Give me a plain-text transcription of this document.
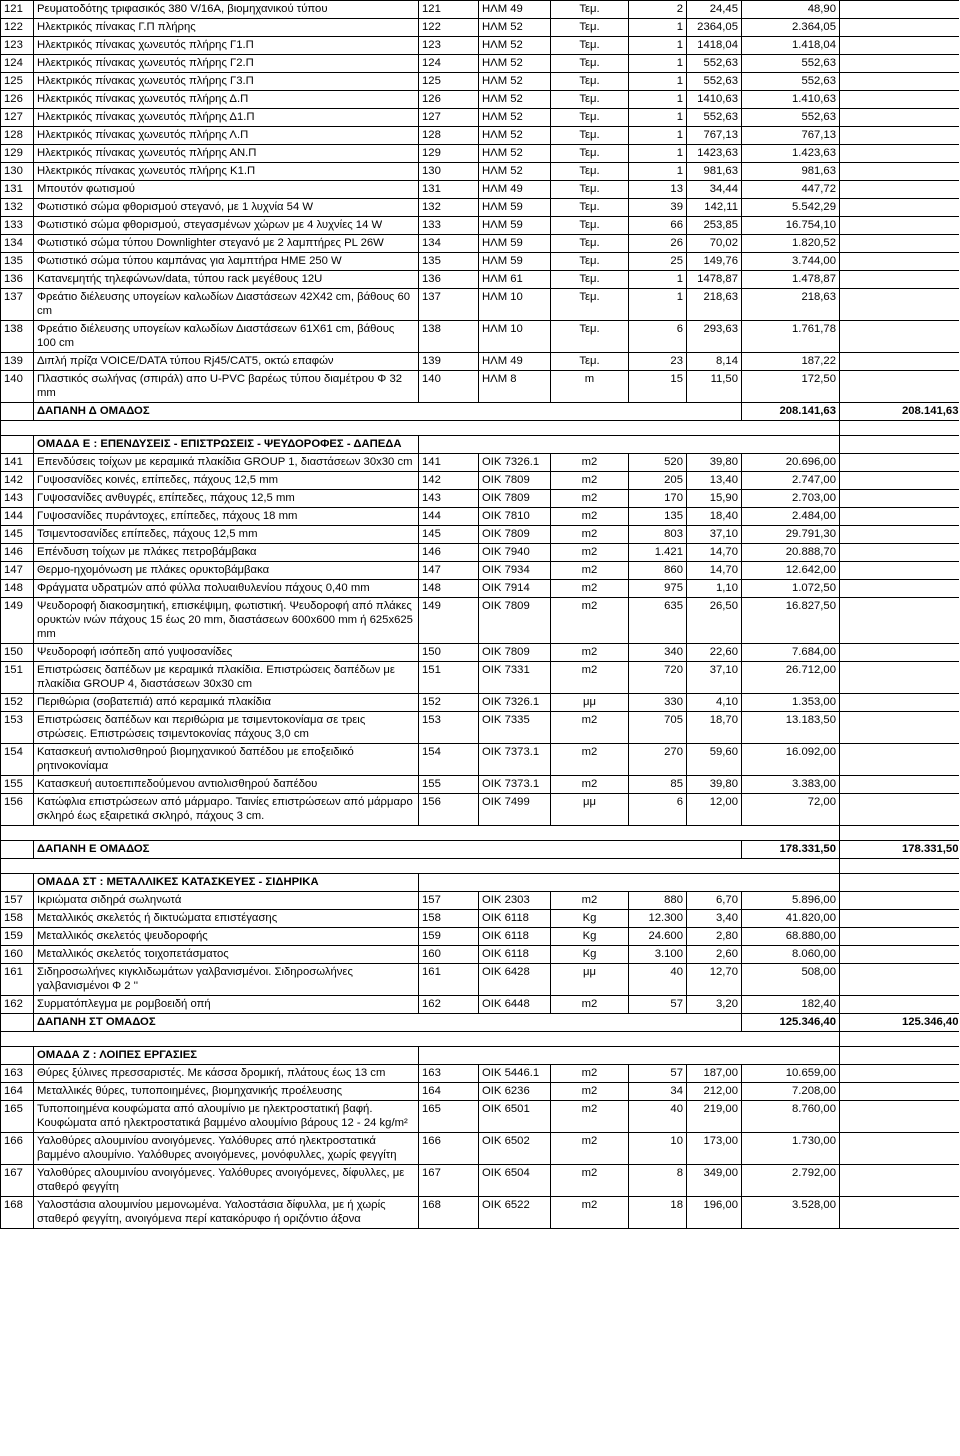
121	Ρευματοδότης τριφασικός 380 V/16A, βιομηχανικού τύπου	121	ΗΛΜ 49	Τεμ.	2	24,45	48,90	
122	Ηλεκτρικός πίνακας Γ.Π πλήρης	122	ΗΛΜ 52	Τεμ.	1	2364,05	2.364,05	
123	Ηλεκτρικός πίνακας χωνευτός πλήρης Γ1.Π	123	ΗΛΜ 52	Τεμ.	1	1418,04	1.418,04	
124	Ηλεκτρικός πίνακας χωνευτός πλήρης Γ2.Π	124	ΗΛΜ 52	Τεμ.	1	552,63	552,63	
125	Ηλεκτρικός πίνακας χωνευτός πλήρης Γ3.Π	125	ΗΛΜ 52	Τεμ.	1	552,63	552,63	
126	Ηλεκτρικός πίνακας χωνευτός πλήρης Δ.Π	126	ΗΛΜ 52	Τεμ.	1	1410,63	1.410,63	
127	Ηλεκτρικός πίνακας χωνευτός πλήρης Δ1.Π	127	ΗΛΜ 52	Τεμ.	1	552,63	552,63	
128	Ηλεκτρικός πίνακας χωνευτός πλήρης Λ.Π	128	ΗΛΜ 52	Τεμ.	1	767,13	767,13	
129	Ηλεκτρικός πίνακας χωνευτός πλήρης ΑΝ.Π	129	ΗΛΜ 52	Τεμ.	1	1423,63	1.423,63	
130	Ηλεκτρικός πίνακας χωνευτός πλήρης Κ1.Π	130	ΗΛΜ 52	Τεμ.	1	981,63	981,63	
131	Μπουτόν φωτισμού	131	ΗΛΜ 49	Τεμ.	13	34,44	447,72	
132	Φωτιστικό σώμα φθορισμού στεγανό, με 1 λυχνία 54 W	132	ΗΛΜ 59	Τεμ.	39	142,11	5.542,29	
133	Φωτιστικό σώμα φθορισμού, στεγασμένων χώρων με 4 λυχνίες 14 W	133	ΗΛΜ 59	Τεμ.	66	253,85	16.754,10	
134	Φωτιστικό σώμα τύπου Downlighter στεγανό με 2 λαμπτήρες PL 26W	134	ΗΛΜ 59	Τεμ.	26	70,02	1.820,52	
135	Φωτιστικό σώμα τύπου καμπάνας για λαμπτήρα ΗΜΕ 250 W	135	ΗΛΜ 59	Τεμ.	25	149,76	3.744,00	
136	Κατανεμητής τηλεφώνων/data, τύπου rack μεγέθους 12U	136	ΗΛΜ 61	Τεμ.	1	1478,87	1.478,87	
137	Φρεάτιο διέλευσης υπογείων καλωδίων Διαστάσεων 42Χ42 cm, βάθους 60 cm	137	ΗΛΜ 10	Τεμ.	1	218,63	218,63	
138	Φρεάτιο διέλευσης υπογείων καλωδίων Διαστάσεων 61Χ61 cm, βάθους 100 cm	138	ΗΛΜ 10	Τεμ.	6	293,63	1.761,78	
139	Διπλή πρίζα VOICE/DATA τύπου Rj45/CAT5, οκτώ επαφών	139	ΗΛΜ 49	Τεμ.	23	8,14	187,22	
140	Πλαστικός σωλήνας (σπιράλ) απο U-PVC βαρέως τύπου διαμέτρου Φ 32 mm	140	ΗΛΜ 8	m	15	11,50	172,50	
	ΔΑΠΑΝΗ Δ ΟΜΑΔΟΣ						208.141,63	208.141,63

	ΟΜΑΔΑ Ε : ΕΠΕΝΔΥΣΕΙΣ - ΕΠΙΣΤΡΩΣΕΙΣ - ΨΕΥΔΟΡΟΦΕΣ - ΔΑΠΕΔΑ							
141	Επενδύσεις τοίχων με κεραμικά πλακίδια GROUP 1, διαστάσεων 30x30 cm	141	ΟΙΚ 7326.1	m2	520	39,80	20.696,00	
142	Γυψοσανίδες κοινές, επίπεδες, πάχους 12,5 mm	142	ΟΙΚ 7809	m2	205	13,40	2.747,00	
143	Γυψοσανίδες ανθυγρές, επίπεδες, πάχους 12,5 mm	143	ΟΙΚ 7809	m2	170	15,90	2.703,00	
144	Γυψοσανίδες πυράντοχες, επίπεδες, πάχους 18 mm	144	ΟΙΚ 7810	m2	135	18,40	2.484,00	
145	Τσιμεντοσανίδες επίπεδες, πάχους 12,5 mm	145	ΟΙΚ 7809	m2	803	37,10	29.791,30	
146	Επένδυση τοίχων με πλάκες πετροβάμβακα	146	ΟΙΚ 7940	m2	1.421	14,70	20.888,70	
147	Θερμο-ηχομόνωση με πλάκες ορυκτοβάμβακα	147	ΟΙΚ 7934	m2	860	14,70	12.642,00	
148	Φράγματα υδρατμών από φύλλα πολυαιθυλενίου πάχους 0,40 mm	148	ΟΙΚ 7914	m2	975	1,10	1.072,50	
149	Ψευδοροφή διακοσμητική, επισκέψιμη, φωτιστική. Ψευδοροφή από πλάκες ορυκτών ινών πάχους 15 έως 20 mm, διαστάσεων 600x600 mm ή 625x625 mm	149	ΟΙΚ 7809	m2	635	26,50	16.827,50	
150	Ψευδοροφή ισόπεδη από γυψοσανίδες	150	ΟΙΚ 7809	m2	340	22,60	7.684,00	
151	Επιστρώσεις δαπέδων με κεραμικά πλακίδια. Επιστρώσεις δαπέδων με πλακίδια GROUP 4, διαστάσεων 30x30 cm	151	ΟΙΚ 7331	m2	720	37,10	26.712,00	
152	Περιθώρια (σοβατεπιά) από κεραμικά πλακίδια	152	ΟΙΚ 7326.1	μμ	330	4,10	1.353,00	
153	Επιστρώσεις δαπέδων και περιθώρια με τσιμεντοκονίαμα σε τρεις στρώσεις. Επιστρώσεις τσιμεντοκονίας πάχους 3,0 cm	153	ΟΙΚ 7335	m2	705	18,70	13.183,50	
154	Κατασκευή αντιολισθηρού βιομηχανικού δαπέδου με εποξειδικό ρητινοκονίαμα	154	ΟΙΚ 7373.1	m2	270	59,60	16.092,00	
155	Κατασκευή αυτοεπιπεδούμενου αντιολισθηρού δαπέδου	155	ΟΙΚ 7373.1	m2	85	39,80	3.383,00	
156	Κατώφλια επιστρώσεων από μάρμαρο. Ταινίες επιστρώσεων από μάρμαρο σκληρό έως εξαιρετικά σκληρό, πάχους 3 cm.	156	ΟΙΚ 7499	μμ	6	12,00	72,00	

	ΔΑΠΑΝΗ Ε ΟΜΑΔΟΣ						178.331,50	178.331,50

	ΟΜΑΔΑ ΣΤ : ΜΕΤΑΛΛΙΚΕΣ ΚΑΤΑΣΚΕΥΕΣ - ΣΙΔΗΡΙΚΑ							
157	Ικριώματα σιδηρά σωληνωτά	157	ΟΙΚ 2303	m2	880	6,70	5.896,00	
158	Μεταλλικός σκελετός ή δικτυώματα επιστέγασης	158	ΟΙΚ 6118	Kg	12.300	3,40	41.820,00	
159	Μεταλλικός σκελετός ψευδοροφής	159	ΟΙΚ 6118	Kg	24.600	2,80	68.880,00	
160	Μεταλλικός σκελετός τοιχοπετάσματος	160	ΟΙΚ 6118	Kg	3.100	2,60	8.060,00	
161	Σιδηροσωλήνες κιγκλιδωμάτων γαλβανισμένοι. Σιδηροσωλήνες γαλβανισμένοι Φ 2 ''	161	ΟΙΚ 6428	μμ	40	12,70	508,00	
162	Συρματόπλεγμα με ρομβοειδή οπή	162	ΟΙΚ 6448	m2	57	3,20	182,40	
	ΔΑΠΑΝΗ ΣΤ ΟΜΑΔΟΣ						125.346,40	125.346,40

	ΟΜΑΔΑ Ζ : ΛΟΙΠΕΣ ΕΡΓΑΣΙΕΣ							
163	Θύρες ξύλινες πρεσσαριστές. Με κάσσα δρομική, πλάτους έως 13 cm	163	ΟΙΚ 5446.1	m2	57	187,00	10.659,00	
164	Μεταλλικές θύρες, τυποποιημένες, βιομηχανικής προέλευσης	164	ΟΙΚ 6236	m2	34	212,00	7.208,00	
165	Τυποποιημένα κουφώματα από αλουμίνιο με ηλεκτροστατική βαφή. Κουφώματα από ηλεκτροστατικά βαμμένο αλουμίνιο βάρους 12 - 24 kg/m²	165	ΟΙΚ 6501	m2	40	219,00	8.760,00	
166	Υαλοθύρες αλουμινίου ανοιγόμενες. Υαλόθυρες από ηλεκτροστατικά βαμμένο αλουμίνιο. Υαλόθυρες ανοιγόμενες, μονόφυλλες, χωρίς φεγγίτη	166	ΟΙΚ 6502	m2	10	173,00	1.730,00	
167	Υαλοθύρες αλουμινίου ανοιγόμενες. Υαλόθυρες ανοιγόμενες, δίφυλλες, με σταθερό φεγγίτη	167	ΟΙΚ 6504	m2	8	349,00	2.792,00	
168	Υαλοστάσια αλουμινίου μεμονωμένα. Υαλοστάσια δίφυλλα, με ή χωρίς σταθερό φεγγίτη, ανοιγόμενα περί κατακόρυφο ή οριζόντιο άξονα	168	ΟΙΚ 6522	m2	18	196,00	3.528,00	
